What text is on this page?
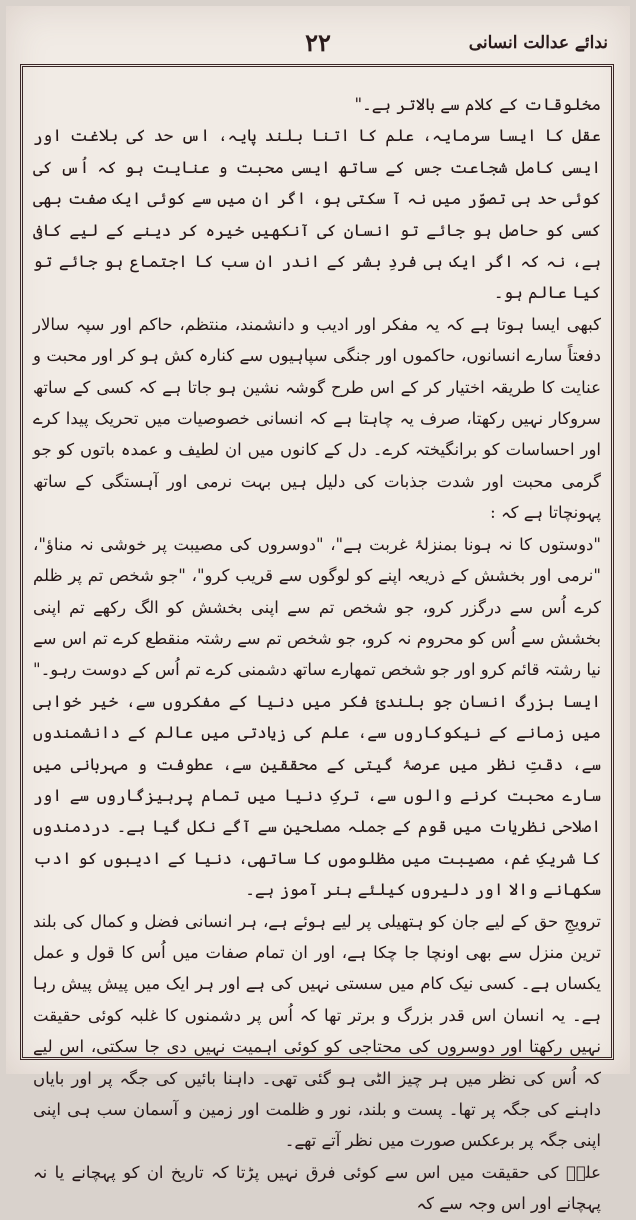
۲۲	ندائے عدالت انسانی

مخلوقات کے کلام سے بالاتر ہے۔"

عقل کا ایسا سرمایہ، علم کا اتنا بلند پایہ، اس حد کی بلاغت اور ایسی کامل شجاعت جس کے ساتھ ایسی محبت و عنایت ہو کہ اُس کی کوئی حد ہی تصوّر میں نہ آ سکتی ہو، اگر ان میں سے کوئی ایک صفت بھی کسی کو حاصل ہو جائے تو انسان کی آنکھیں خیرہ کر دینے کے لیے کافی ہے، نہ کہ اگر ایک ہی فردِ بشر کے اندر ان سب کا اجتماع ہو جائے تو کیا عالم ہو۔

کبھی ایسا ہوتا ہے کہ یہ مفکر اور ادیب و دانشمند، منتظم، حاکم اور سپہ سالار دفعتاً سارے انسانوں، حاکموں اور جنگی سپاہیوں سے کنارہ کش ہو کر اور محبت و عنایت کا طریقہ اختیار کر کے اس طرح گوشہ نشین ہو جاتا ہے کہ کسی کے ساتھ سروکار نہیں رکھتا، صرف یہ چاہتا ہے کہ انسانی خصوصیات میں تحریک پیدا کرے اور احساسات کو برانگیختہ کرے۔ دل کے کانوں میں ان لطیف و عمدہ باتوں کو جو گرمی محبت اور شدت جذبات کی دلیل ہیں بہت نرمی اور آہستگی کے ساتھ پہونچاتا ہے کہ :

"دوستوں کا نہ ہونا بمنزلۂ غربت ہے"، "دوسروں کی مصیبت پر خوشی نہ مناؤ"، "نرمی اور بخشش کے ذریعہ اپنے کو لوگوں سے قریب کرو"، "جو شخص تم پر ظلم کرے اُس سے درگزر کرو، جو شخص تم سے اپنی بخشش کو الگ رکھے تم اپنی بخشش سے اُس کو محروم نہ کرو، جو شخص تم سے رشتہ منقطع کرے تم اس سے نیا رشتہ قائم کرو اور جو شخص تمھارے ساتھ دشمنی کرے تم اُس کے دوست رہو۔"

ایسا بزرگ انسان جو بلندیٔ فکر میں دنیا کے مفکروں سے، خیر خواہی میں زمانے کے نیکوکاروں سے، علم کی زیادتی میں عالم کے دانشمندوں سے، دقتِ نظر میں عرصۂ گیتی کے محققین سے، عطوفت و مہربانی میں سارے محبت کرنے والوں سے، ترکِ دنیا میں تمام پرہیزگاروں سے اور اصلاحی نظریات میں قوم کے جملہ مصلحین سے آگے نکل گیا ہے۔ دردمندوں کا شریکِ غم، مصیبت میں مظلوموں کا ساتھی، دنیا کے ادیبوں کو ادب سکھانے والا اور دلیروں کیلئے ہنر آموز ہے۔

ترویجِ حق کے لیے جان کو ہتھیلی پر لیے ہوئے ہے، ہر انسانی فضل و کمال کی بلند ترین منزل سے بھی اونچا جا چکا ہے، اور ان تمام صفات میں اُس کا قول و عمل یکساں ہے۔ کسی نیک کام میں سستی نہیں کی ہے اور ہر ایک میں پیش پیش رہا ہے۔ یہ انسان اس قدر بزرگ و برتر تھا کہ اُس پر دشمنوں کا غلبہ کوئی حقیقت نہیں رکھتا اور دوسروں کی محتاجی کو کوئی اہمیت نہیں دی جا سکتی، اس لیے کہ اُس کی نظر میں ہر چیز الٹی ہو گئی تھی۔ داہنا بائیں کی جگہ پر اور بایاں داہنے کی جگہ پر تھا۔ پست و بلند، نور و ظلمت اور زمین و آسمان سب ہی اپنی اپنی جگہ پر برعکس صورت میں نظر آتے تھے۔

علیؑ کی حقیقت میں اس سے کوئی فرق نہیں پڑتا کہ تاریخ ان کو پہچانے یا نہ پہچانے اور اس وجہ سے کہ
